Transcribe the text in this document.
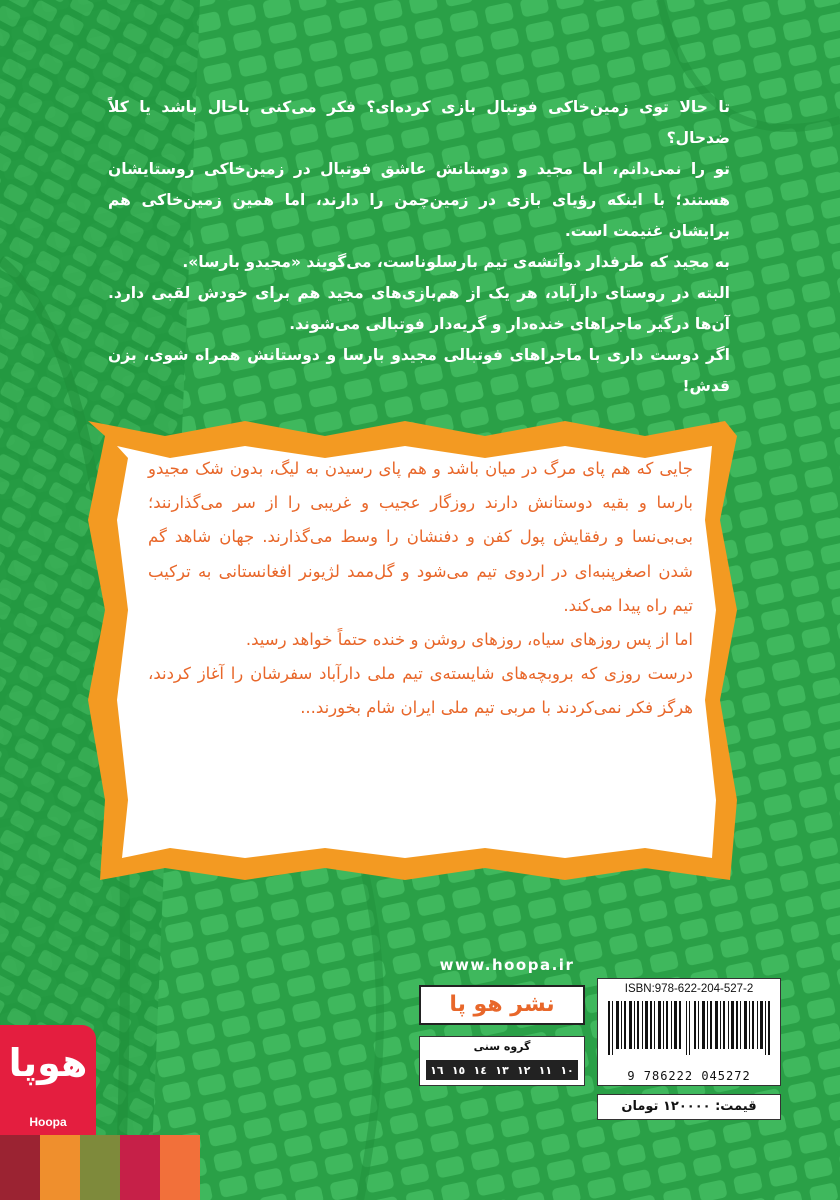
تا حالا توی زمین‌خاکی فوتبال بازی کرده‌ای؟ فکر می‌کنی باحال باشد یا کلاً ضدحال؟

تو را نمی‌دانم، اما مجید و دوستانش عاشق فوتبال در زمین‌خاکی روستایشان هستند؛ با اینکه رؤیای بازی در زمین‌چمن را دارند، اما همین زمین‌خاکی هم برایشان غنیمت است.

به مجید که طرفدار دوآتشه‌ی تیم بارسلوناست، می‌گویند «مجیدو بارسا».

البته در روستای دارآباد، هر یک از هم‌بازی‌های مجید هم برای خودش لقبی دارد. آن‌ها درگیر ماجراهای خنده‌دار و گریه‌دار فوتبالی می‌شوند.

اگر دوست داری با ماجراهای فوتبالی مجیدو بارسا و دوستانش همراه شوی، بزن قدش!

جایی که هم پای مرگ در میان باشد و هم پای رسیدن به لیگ، بدون شک مجیدو بارسا و بقیه دوستانش دارند روزگار عجیب و غریبی را از سر می‌گذارنند؛ بی‌بی‌نسا و رفقایش پول کفن و دفنشان را وسط می‌گذارند. جهان شاهد گم شدن اصغرپنبه‌ای در اردوی تیم می‌شود و گل‌ممد لژیونر افغانستانی به ترکیب تیم راه پیدا می‌کند.

اما از پس روزهای سیاه، روزهای روشن و خنده حتماً خواهد رسید.

درست روزی که بروبچه‌های شایسته‌ی تیم ملی دارآباد سفرشان را آغاز کردند، هرگز فکر نمی‌کردند با مربی تیم ملی ایران شام بخورند...

www.hoopa.ir
نشر هو پا
گروه سنی
١٠
١١
١٢
١٣
١٤
١٥
١٦
ISBN:978-622-204-527-2
9 786222 045272
قیمت: ١٢٠٠٠٠ تومان
هوپا
Hoopa
